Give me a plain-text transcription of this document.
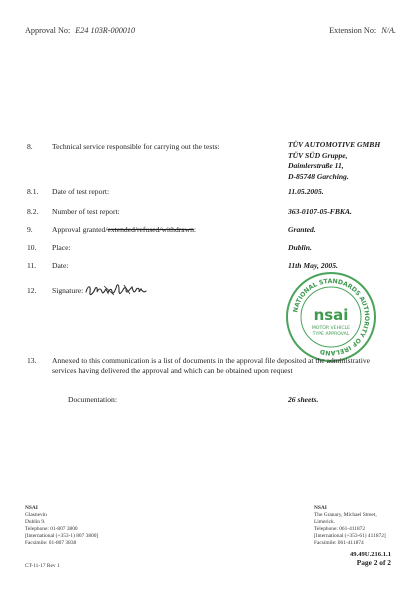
Approval No: E24 103R-000010	Extension No: N/A.
8.	Technical service responsible for carrying out the tests:	TÜV AUTOMOTIVE GMBH
TÜV SÜD Gruppe,
Daimlerstraße 11,
D-85748 Garching.
8.1. Date of test report:	11.05.2005.
8.2. Number of test report:	363-0107-05-FBKA.
9.	Approval granted/extended/refused/withdrawn:	Granted.
10. Place:	Dublin.
11. Date:	11th May, 2005.
12. Signature:
NATIONAL STANDARDS AUTHORITY OF IRELAND
nsai
MOTOR VEHICLE
TYPE APPROVAL
13. Annexed to this communication is a list of documents in the approval file deposited at the administrative services having delivered the approval and which can be obtained upon request
Documentation:	26 sheets.
NSAI
Glasnevin
Dublin 9.
Telephone: 01-807 3800
[International (+353-1) 807 3800]
Facsimile: 01-807 3838
NSAI
The Granary, Michael Street,
Limerick.
Telephone: 061-411872
[International (+353-61) 411872]
Facsimile: 061-411874
49.49U.216.1.1
Page 2 of 2
CT-11-17 Rev 1
